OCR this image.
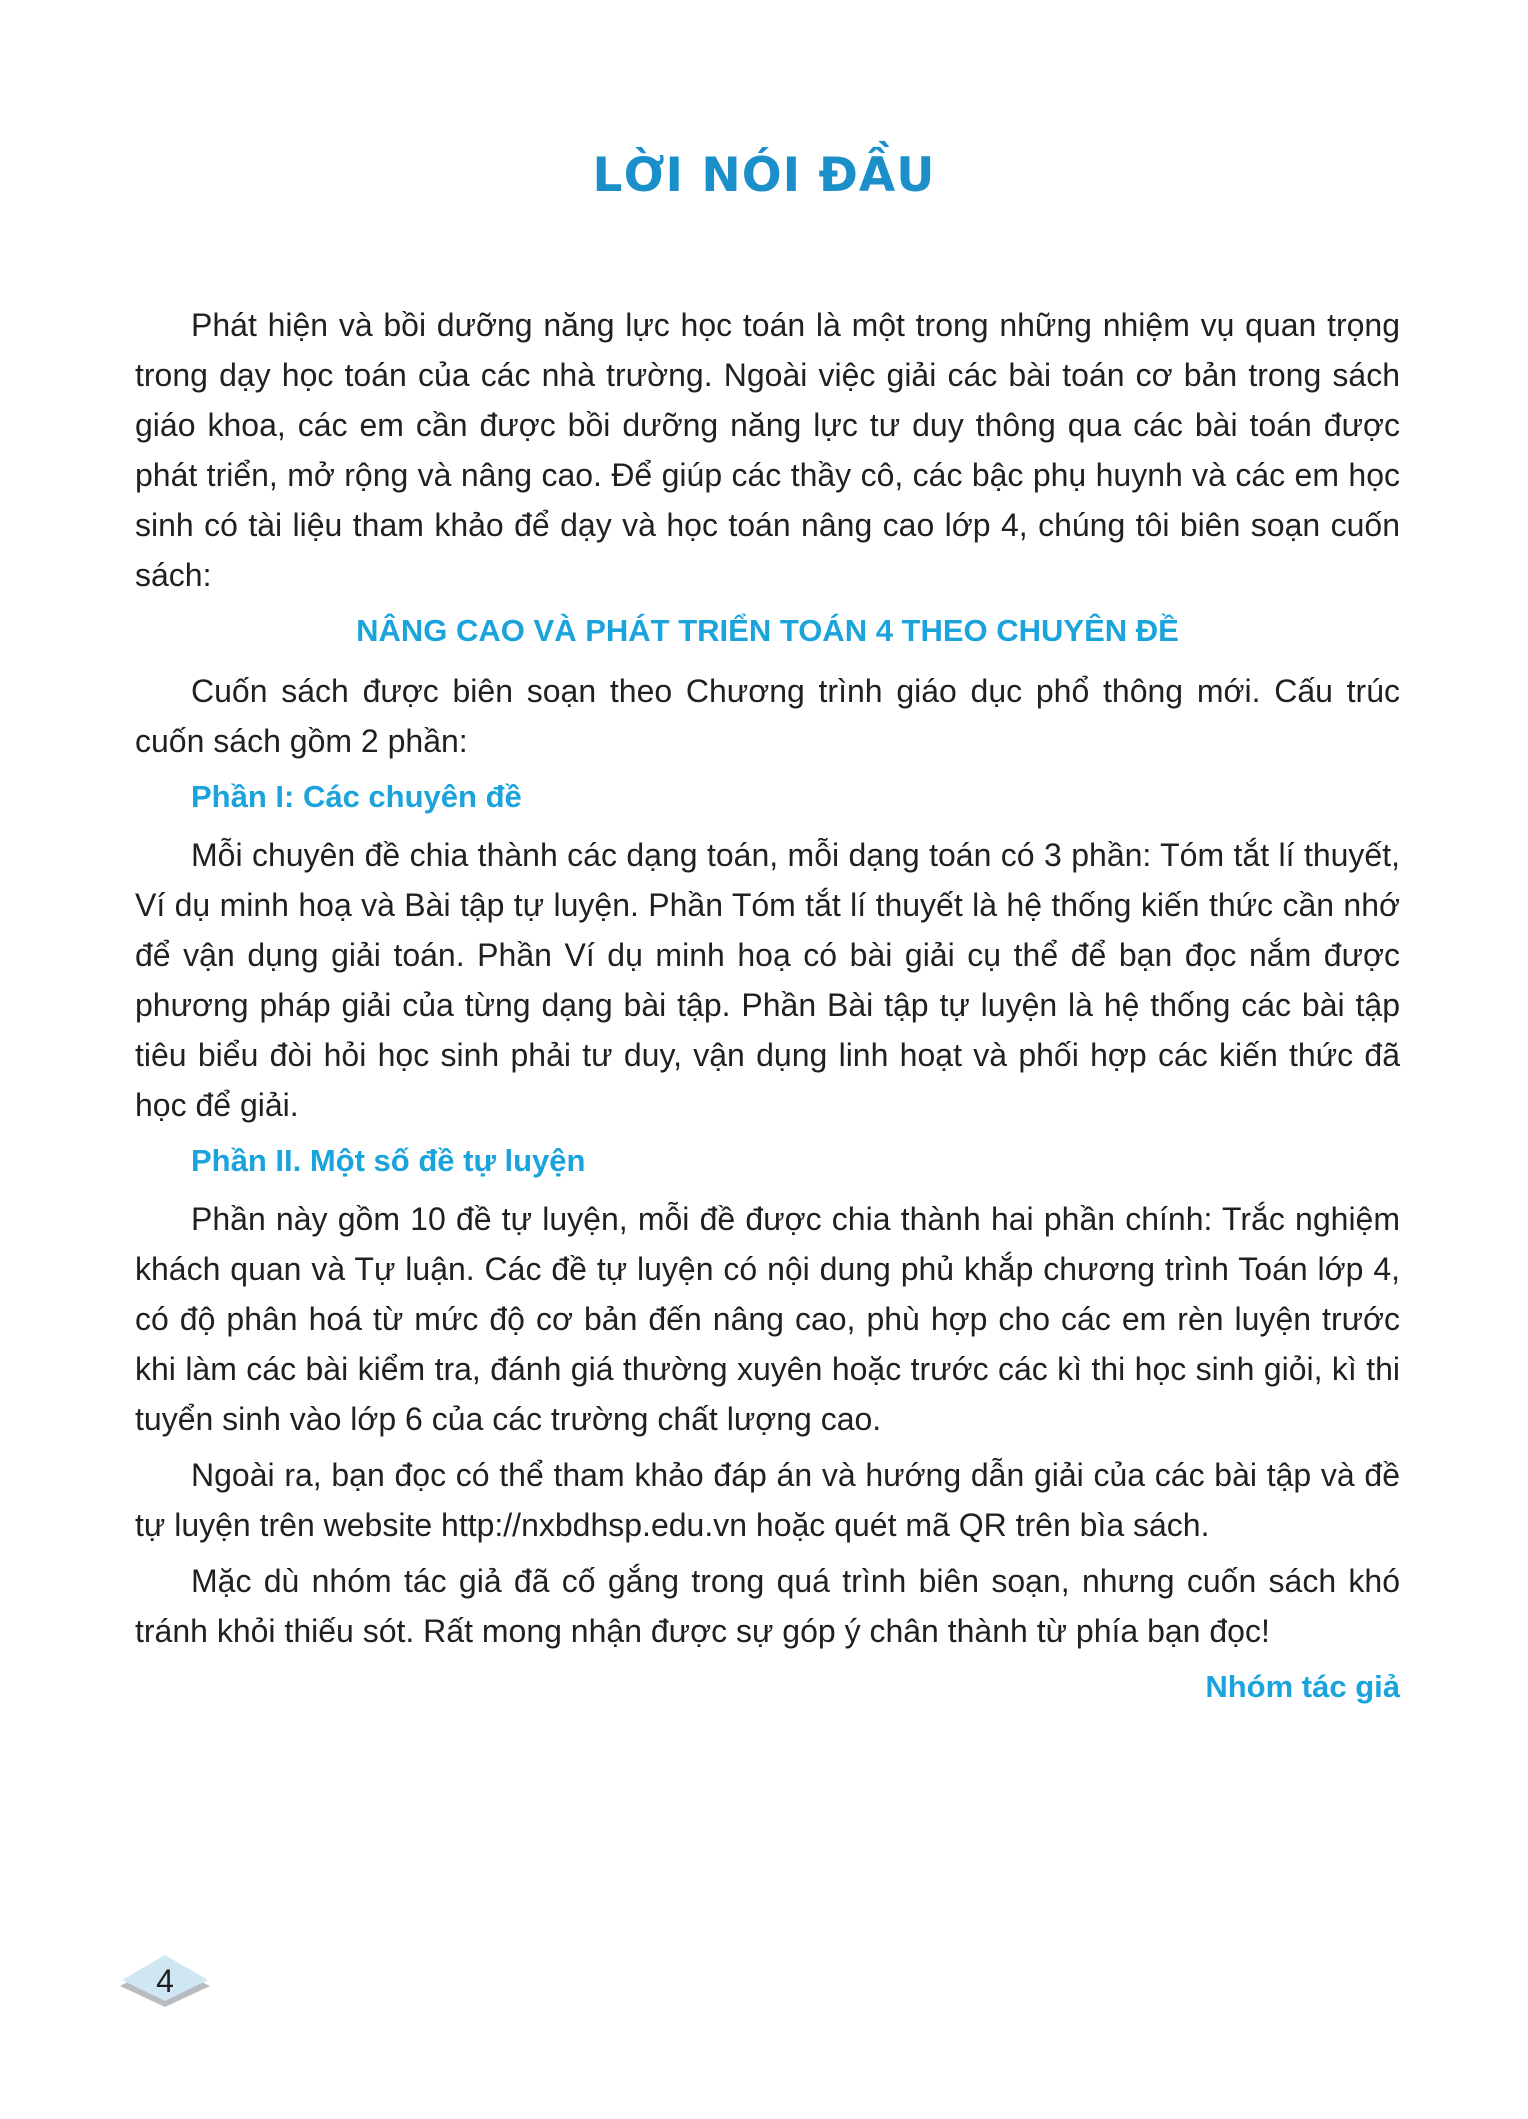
LỜI NÓI ĐẦU

Phát hiện và bồi dưỡng năng lực học toán là một trong những nhiệm vụ quan trọng trong dạy học toán của các nhà trường. Ngoài việc giải các bài toán cơ bản trong sách giáo khoa, các em cần được bồi dưỡng năng lực tư duy thông qua các bài toán được phát triển, mở rộng và nâng cao. Để giúp các thầy cô, các bậc phụ huynh và các em học sinh có tài liệu tham khảo để dạy và học toán nâng cao lớp 4, chúng tôi biên soạn cuốn sách:

NÂNG CAO VÀ PHÁT TRIỂN TOÁN 4 THEO CHUYÊN ĐỀ

Cuốn sách được biên soạn theo Chương trình giáo dục phổ thông mới. Cấu trúc cuốn sách gồm 2 phần:

Phần I: Các chuyên đề

Mỗi chuyên đề chia thành các dạng toán, mỗi dạng toán có 3 phần: Tóm tắt lí thuyết, Ví dụ minh hoạ và Bài tập tự luyện. Phần Tóm tắt lí thuyết là hệ thống kiến thức cần nhớ để vận dụng giải toán. Phần Ví dụ minh hoạ có bài giải cụ thể để bạn đọc nắm được phương pháp giải của từng dạng bài tập. Phần Bài tập tự luyện là hệ thống các bài tập tiêu biểu đòi hỏi học sinh phải tư duy, vận dụng linh hoạt và phối hợp các kiến thức đã học để giải.

Phần II. Một số đề tự luyện

Phần này gồm 10 đề tự luyện, mỗi đề được chia thành hai phần chính: Trắc nghiệm khách quan và Tự luận. Các đề tự luyện có nội dung phủ khắp chương trình Toán lớp 4, có độ phân hoá từ mức độ cơ bản đến nâng cao, phù hợp cho các em rèn luyện trước khi làm các bài kiểm tra, đánh giá thường xuyên hoặc trước các kì thi học sinh giỏi, kì thi tuyển sinh vào lớp 6 của các trường chất lượng cao.

Ngoài ra, bạn đọc có thể tham khảo đáp án và hướng dẫn giải của các bài tập và đề tự luyện trên website http://nxbdhsp.edu.vn hoặc quét mã QR trên bìa sách.

Mặc dù nhóm tác giả đã cố gắng trong quá trình biên soạn, nhưng cuốn sách khó tránh khỏi thiếu sót. Rất mong nhận được sự góp ý chân thành từ phía bạn đọc!

Nhóm tác giả

4
